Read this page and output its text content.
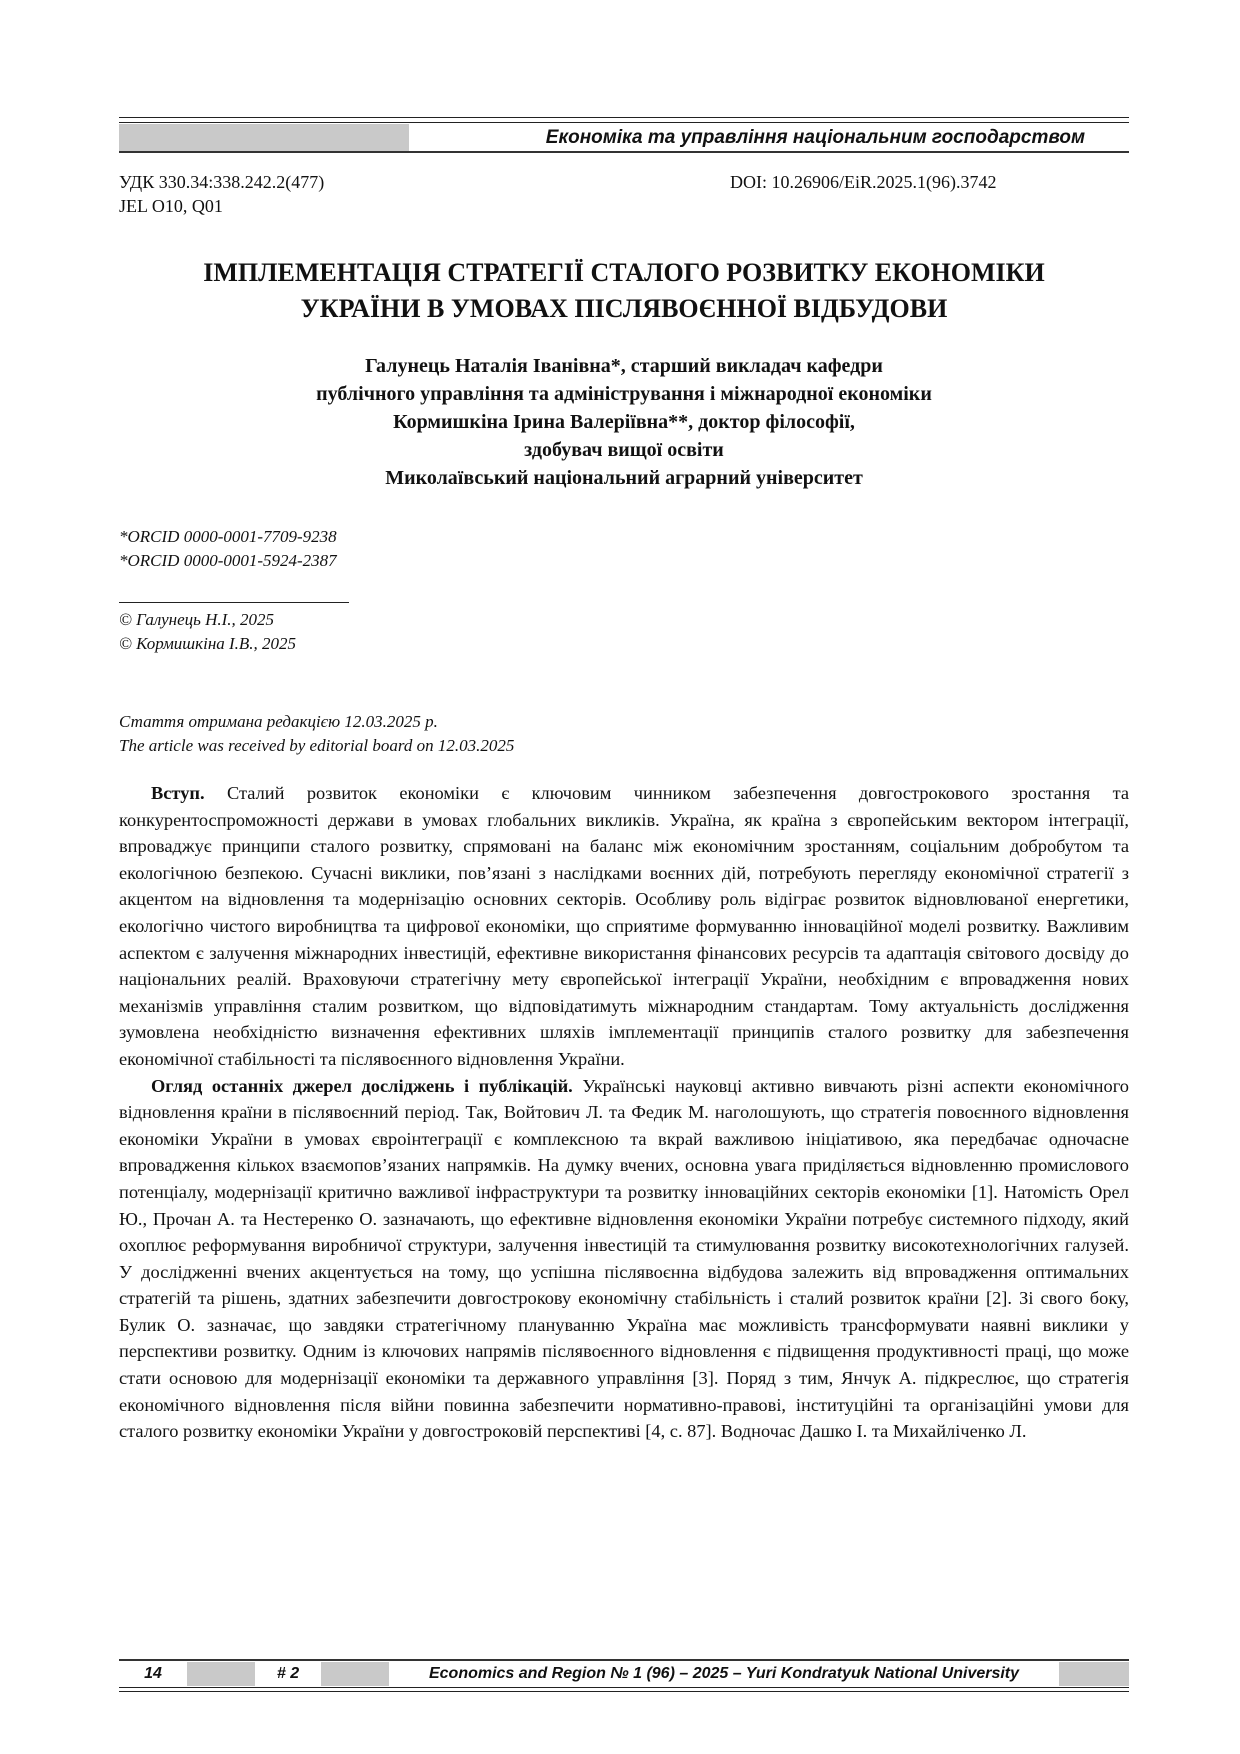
Економіка та управління національним господарством
УДК 330.34:338.242.2(477)
JEL O10, Q01
DOI: 10.26906/EiR.2025.1(96).3742
ІМПЛЕМЕНТАЦІЯ СТРАТЕГІЇ СТАЛОГО РОЗВИТКУ ЕКОНОМІКИ
УКРАЇНИ В УМОВАХ ПІСЛЯВОЄННОЇ ВІДБУДОВИ
Галунець Наталія Іванівна*, старший викладач кафедри
публічного управління та адміністрування і міжнародної економіки
Кормишкіна Ірина Валеріївна**, доктор філософії,
здобувач вищої освіти
Миколаївський національний аграрний університет
*ORCID 0000-0001-7709-9238
*ORCID 0000-0001-5924-2387
© Галунець Н.І., 2025
© Кормишкіна І.В., 2025
Стаття отримана редакцією 12.03.2025 р.
The article was received by editorial board on 12.03.2025

Вступ. Сталий розвиток економіки є ключовим чинником забезпечення довгострокового зростання та конкурентоспроможності держави в умовах глобальних викликів. Україна, як країна з європейським вектором інтеграції, впроваджує принципи сталого розвитку, спрямовані на баланс між економічним зростанням, соціальним добробутом та екологічною безпекою. Сучасні виклики, пов’язані з наслідками воєнних дій, потребують перегляду економічної стратегії з акцентом на відновлення та модернізацію основних секторів. Особливу роль відіграє розвиток відновлюваної енергетики, екологічно чистого виробництва та цифрової економіки, що сприятиме формуванню інноваційної моделі розвитку. Важливим аспектом є залучення міжнародних інвестицій, ефективне використання фінансових ресурсів та адаптація світового досвіду до національних реалій. Враховуючи стратегічну мету європейської інтеграції України, необхідним є впровадження нових механізмів управління сталим розвитком, що відповідатимуть міжнародним стандартам. Тому актуальність дослідження зумовлена необхідністю визначення ефективних шляхів імплементації принципів сталого розвитку для забезпечення економічної стабільності та післявоєнного відновлення України.

Огляд останніх джерел досліджень і публікацій. Українські науковці активно вивчають різні аспекти економічного відновлення країни в післявоєнний період. Так, Войтович Л. та Федик М. наголошують, що стратегія повоєнного відновлення економіки України в умовах євроінтеграції є комплексною та вкрай важливою ініціативою, яка передбачає одночасне впровадження кількох взаємопов’язаних напрямків. На думку вчених, основна увага приділяється відновленню промислового потенціалу, модернізації критично важливої інфраструктури та розвитку інноваційних секторів економіки [1]. Натомість Орел Ю., Прочан А. та Нестеренко О. зазначають, що ефективне відновлення економіки України потребує системного підходу, який охоплює реформування виробничої структури, залучення інвестицій та стимулювання розвитку високотехнологічних галузей. У дослідженні вчених акцентується на тому, що успішна післявоєнна відбудова залежить від впровадження оптимальних стратегій та рішень, здатних забезпечити довгострокову економічну стабільність і сталий розвиток країни [2]. Зі свого боку, Булик О. зазначає, що завдяки стратегічному плануванню Україна має можливість трансформувати наявні виклики у перспективи розвитку. Одним із ключових напрямів післявоєнного відновлення є підвищення продуктивності праці, що може стати основою для модернізації економіки та державного управління [3]. Поряд з тим, Янчук А. підкреслює, що стратегія економічного відновлення після війни повинна забезпечити нормативно-правові, інституційні та організаційні умови для сталого розвитку економіки України у довгостроковій перспективі [4, с. 87]. Водночас Дашко І. та Михайліченко Л.

14	# 2	Economics and Region № 1 (96) – 2025 – Yuri Kondratyuk National University
